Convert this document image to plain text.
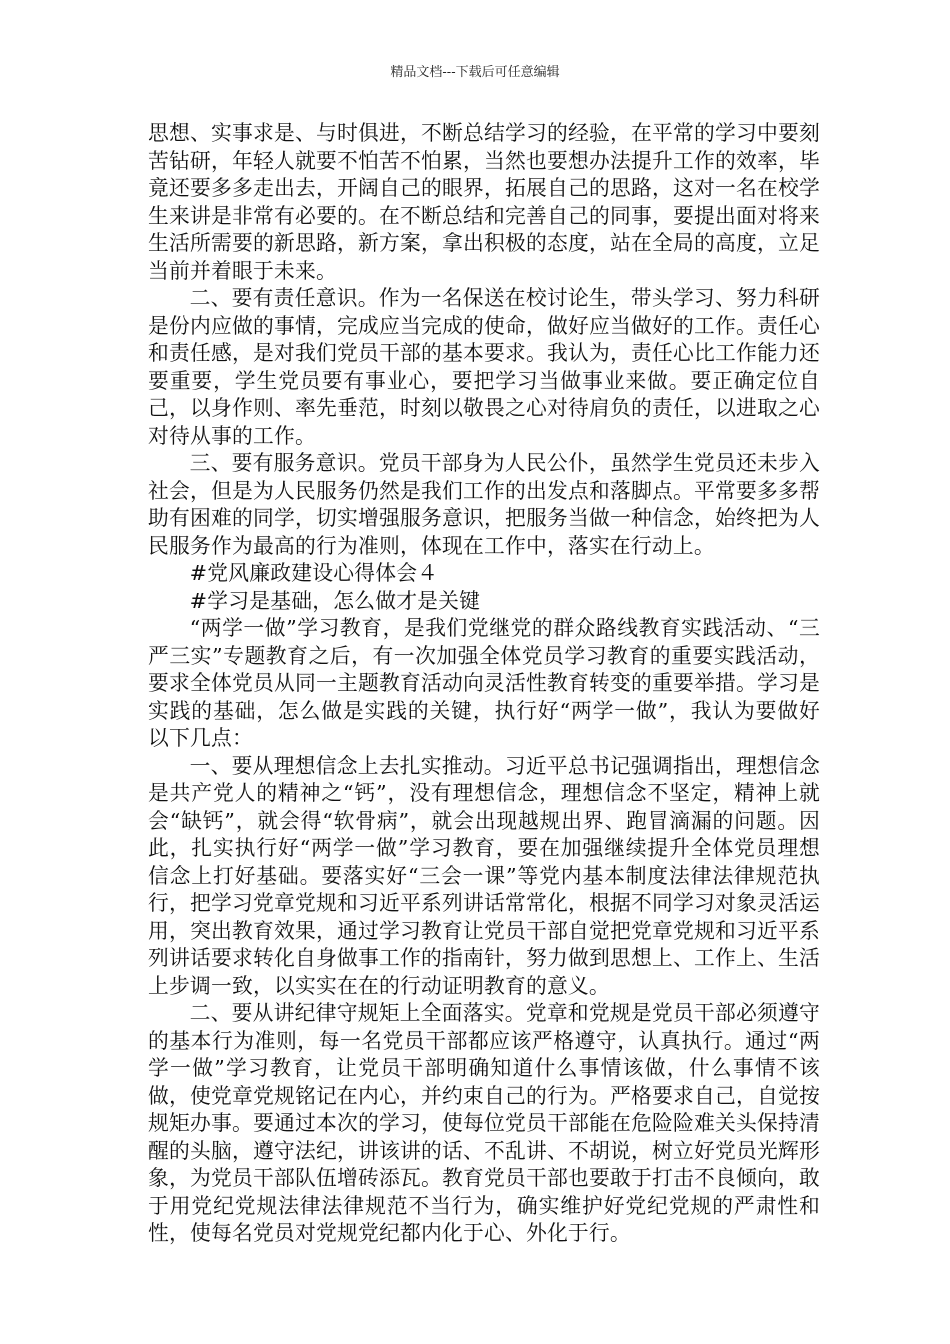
精品文档---下载后可任意编辑

思想、实事求是、与时俱进，不断总结学习的经验，在平常的学习中要刻苦钻研，年轻人就要不怕苦不怕累，当然也要想办法提升工作的效率，毕竟还要多多走出去，开阔自己的眼界，拓展自己的思路，这对一名在校学生来讲是非常有必要的。在不断总结和完善自己的同事，要提出面对将来生活所需要的新思路，新方案，拿出积极的态度，站在全局的高度，立足当前并着眼于未来。

二、要有责任意识。作为一名保送在校讨论生，带头学习、努力科研是份内应做的事情，完成应当完成的使命，做好应当做好的工作。责任心和责任感，是对我们党员干部的基本要求。我认为，责任心比工作能力还要重要，学生党员要有事业心，要把学习当做事业来做。要正确定位自己，以身作则、率先垂范，时刻以敬畏之心对待肩负的责任，以进取之心对待从事的工作。

三、要有服务意识。党员干部身为人民公仆，虽然学生党员还未步入社会，但是为人民服务仍然是我们工作的出发点和落脚点。平常要多多帮助有困难的同学，切实增强服务意识，把服务当做一种信念，始终把为人民服务作为最高的行为准则，体现在工作中，落实在行动上。

#党风廉政建设心得体会４

#学习是基础，怎么做才是关键

“两学一做”学习教育，是我们党继党的群众路线教育实践活动、“三严三实”专题教育之后，有一次加强全体党员学习教育的重要实践活动，要求全体党员从同一主题教育活动向灵活性教育转变的重要举措。学习是实践的基础，怎么做是实践的关键，执行好“两学一做”，我认为要做好以下几点：

一、要从理想信念上去扎实推动。习近平总书记强调指出，理想信念是共产党人的精神之“钙”，没有理想信念，理想信念不坚定，精神上就会“缺钙”，就会得“软骨病”，就会出现越规出界、跑冒滴漏的问题。因此，扎实执行好“两学一做”学习教育，要在加强继续提升全体党员理想信念上打好基础。要落实好“三会一课”等党内基本制度法律法律规范执行，把学习党章党规和习近平系列讲话常常化，根据不同学习对象灵活运用，突出教育效果，通过学习教育让党员干部自觉把党章党规和习近平系列讲话要求转化自身做事工作的指南针，努力做到思想上、工作上、生活上步调一致，以实实在在的行动证明教育的意义。

二、要从讲纪律守规矩上全面落实。党章和党规是党员干部必须遵守的基本行为准则，每一名党员干部都应该严格遵守，认真执行。通过“两学一做”学习教育，让党员干部明确知道什么事情该做，什么事情不该做，使党章党规铭记在内心，并约束自己的行为。严格要求自己，自觉按规矩办事。要通过本次的学习，使每位党员干部能在危险险难关头保持清醒的头脑，遵守法纪，讲该讲的话、不乱讲、不胡说，树立好党员光辉形象，为党员干部队伍增砖添瓦。教育党员干部也要敢于打击不良倾向，敢于用党纪党规法律法律规范不当行为，确实维护好党纪党规的严肃性和性，使每名党员对党规党纪都内化于心、外化于行。
